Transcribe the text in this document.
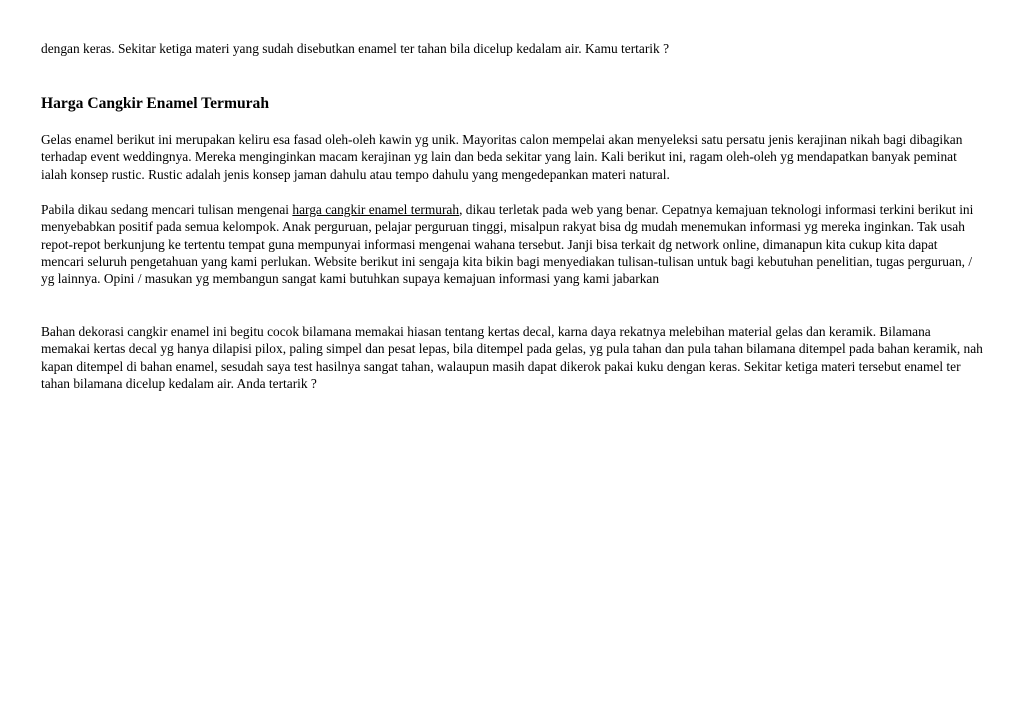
dengan keras. Sekitar ketiga materi yang sudah disebutkan enamel ter tahan bila dicelup kedalam air. Kamu tertarik ?

Harga Cangkir Enamel Termurah

Gelas enamel berikut ini merupakan keliru esa fasad oleh-oleh kawin yg unik. Mayoritas calon mempelai akan menyeleksi satu persatu jenis kerajinan nikah bagi dibagikan terhadap event weddingnya. Mereka menginginkan macam kerajinan yg lain dan beda sekitar yang lain. Kali berikut ini, ragam oleh-oleh yg mendapatkan banyak peminat ialah konsep rustic. Rustic adalah jenis konsep jaman dahulu atau tempo dahulu yang mengedepankan materi natural.

Pabila dikau sedang mencari tulisan mengenai harga cangkir enamel termurah, dikau terletak pada web yang benar. Cepatnya kemajuan teknologi informasi terkini berikut ini menyebabkan positif pada semua kelompok. Anak perguruan, pelajar perguruan tinggi, misalpun rakyat bisa dg mudah menemukan informasi yg mereka inginkan. Tak usah repot-repot berkunjung ke tertentu tempat guna mempunyai informasi mengenai wahana tersebut. Janji bisa terkait dg network online, dimanapun kita cukup kita dapat mencari seluruh pengetahuan yang kami perlukan. Website berikut ini sengaja kita bikin bagi menyediakan tulisan-tulisan untuk bagi kebutuhan penelitian, tugas perguruan, / yg lainnya. Opini / masukan yg membangun sangat kami butuhkan supaya kemajuan informasi yang kami jabarkan

Bahan dekorasi cangkir enamel ini begitu cocok bilamana memakai hiasan tentang kertas decal, karna daya rekatnya melebihan material gelas dan keramik. Bilamana memakai kertas decal yg hanya dilapisi pilox, paling simpel dan pesat lepas, bila ditempel pada gelas, yg pula tahan dan pula tahan bilamana ditempel pada bahan keramik, nah kapan ditempel di bahan enamel, sesudah saya test hasilnya sangat tahan, walaupun masih dapat dikerok pakai kuku dengan keras. Sekitar ketiga materi tersebut enamel ter tahan bilamana dicelup kedalam air. Anda tertarik ?
